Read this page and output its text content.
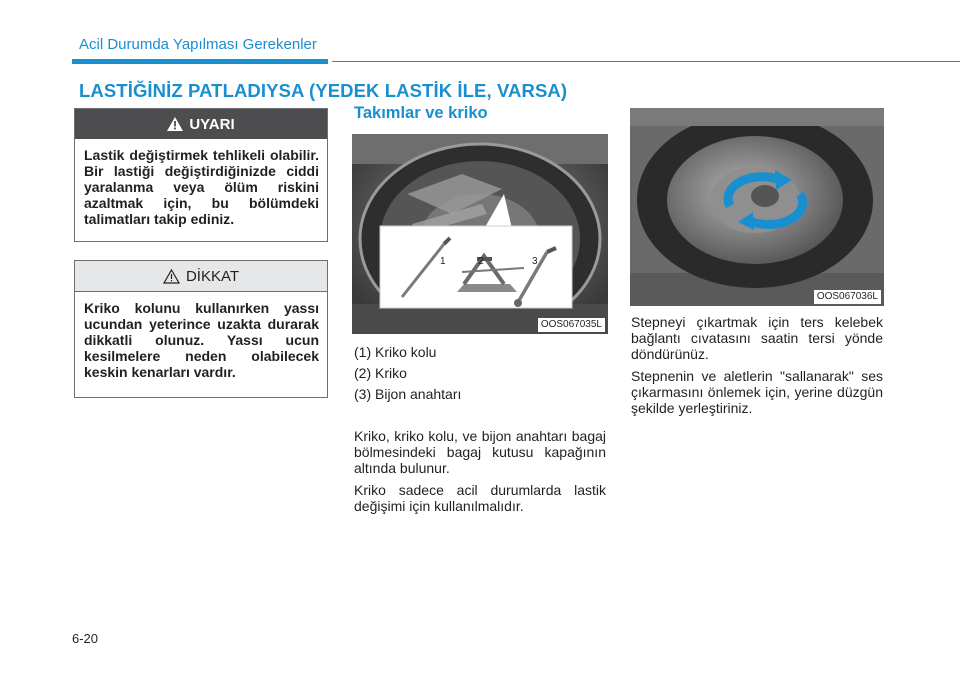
Acil Durumda Yapılması Gerekenler
LASTİĞİNİZ PATLADIYSA (YEDEK LASTİK İLE, VARSA)
UYARI
Lastik değiştirmek tehlikeli olabilir. Bir lastiği değiştirdiğinizde ciddi yaralanma veya ölüm riskini azaltmak için, bu bölümdeki talimatları takip ediniz.
DİKKAT
Kriko kolunu kullanırken yassı ucundan yeterince uzakta durarak dikkatli olunuz. Yassı ucun kesilmelere neden olabilecek keskin kenarları vardır.
Takımlar ve kriko
1	2	3
OOS067035L
(1) Kriko kolu
(2) Kriko
(3) Bijon anahtarı
Kriko, kriko kolu, ve bijon anahtarı bagaj bölmesindeki bagaj kutusu kapağının altında bulunur.
Kriko sadece acil durumlarda lastik değişimi için kullanılmalıdır.
OOS067036L
Stepneyi çıkartmak için ters kelebek bağlantı cıvatasını saatin tersi yönde döndürünüz.
Stepnenin ve aletlerin "sallanarak" ses çıkarmasını önlemek için, yerine düzgün şekilde yerleştiriniz.
6-20
